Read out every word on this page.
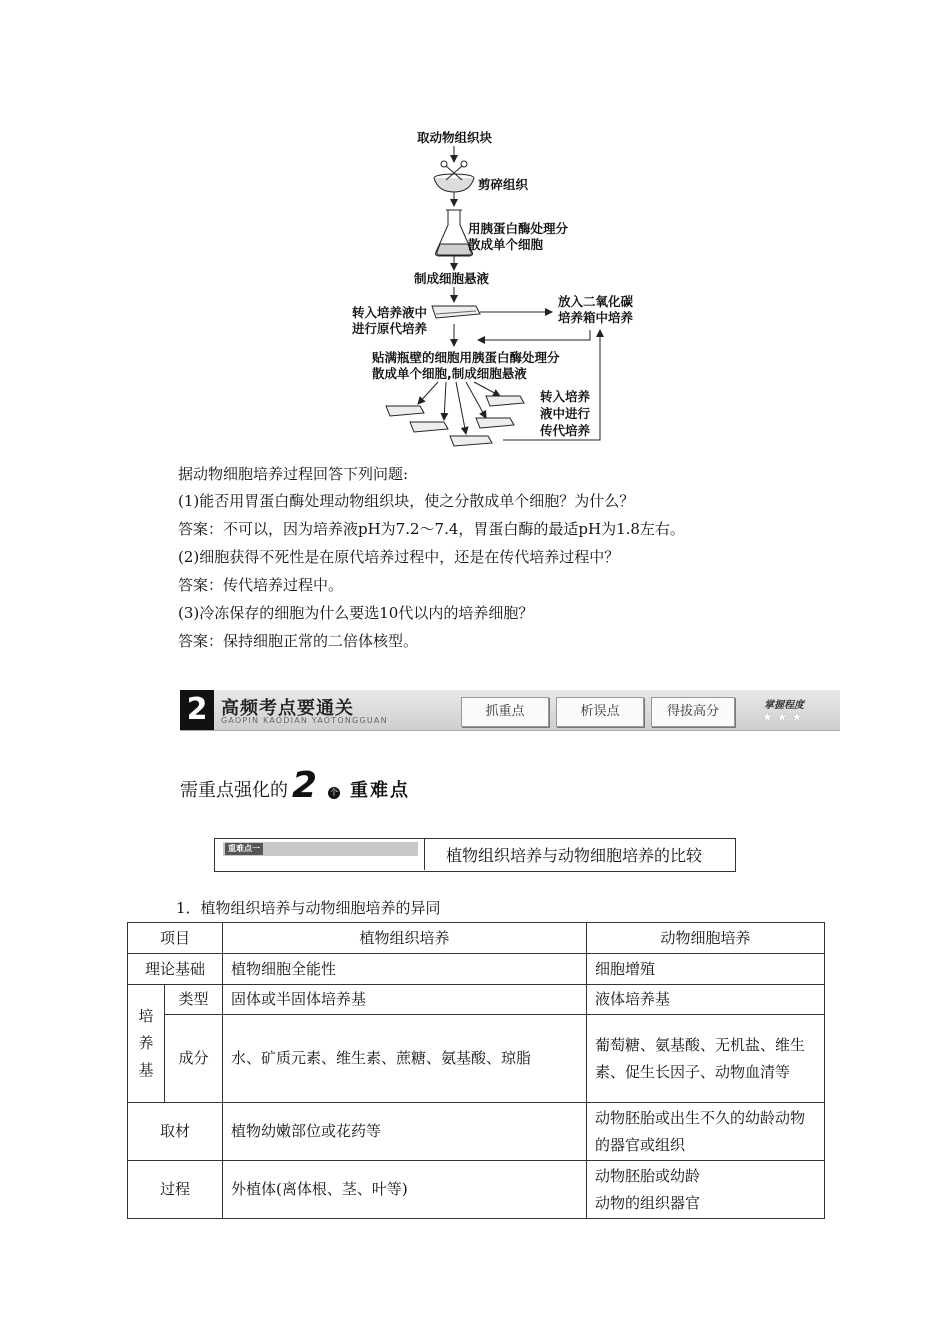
取动物组织块
剪碎组织
用胰蛋白酶处理分
散成单个细胞
制成细胞悬液
转入培养液中
进行原代培养
放入二氧化碳
培养箱中培养
贴满瓶壁的细胞用胰蛋白酶处理分
散成单个细胞,制成细胞悬液
转入培养
液中进行
传代培养
据动物细胞培养过程回答下列问题:
(1)能否用胃蛋白酶处理动物组织块，使之分散成单个细胞？为什么？
答案：不可以，因为培养液pH为7.2～7.4，胃蛋白酶的最适pH为1.8左右。
(2)细胞获得不死性是在原代培养过程中，还是在传代培养过程中？
答案：传代培养过程中。
(3)冷冻保存的细胞为什么要选10代以内的培养细胞？
答案：保持细胞正常的二倍体核型。
2 高频考点要通关
GAOPIN KAODIAN YAOTONGGUAN
抓重点	析误点	得拔高分	掌握程度
★★★
需重点强化的 2 个 重难点
重难点一	植物组织培养与动物细胞培养的比较
1．植物组织培养与动物细胞培养的异同
项目		植物组织培养	动物细胞培养
理论基础		植物细胞全能性	细胞增殖

培
养
基	类型	固体或半固体培养基	液体培养基
	成分	水、矿质元素、维生素、蔗糖、氨基酸、琼脂	葡萄糖、氨基酸、无机盐、维生素、促生长因子、动物血清等
取材		植物幼嫩部位或花药等	动物胚胎或出生不久的幼龄动物的器官或组织
过程		外植体(离体根、茎、叶等)	动物胚胎或幼龄
动物的组织器官
